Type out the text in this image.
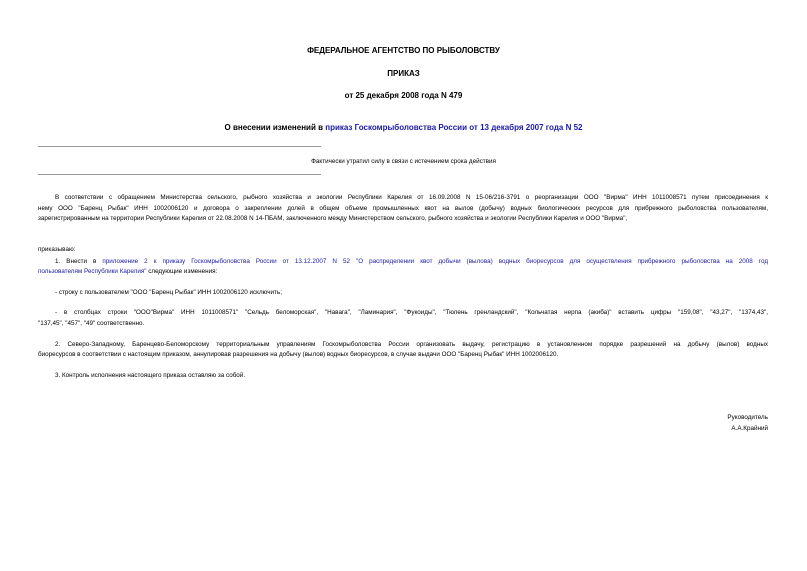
ФЕДЕРАЛЬНОЕ АГЕНТСТВО ПО РЫБОЛОВСТВУ
ПРИКАЗ
от 25 декабря 2008 года N 479
О внесении изменений в приказ Госкомрыболовства России от 13 декабря 2007 года N 52
Фактически утратил силу в связи с истечением срока действия
В соответствии с обращением Министерства сельского, рыбного хозяйства и экологии Республики Карелия от 16.09.2008 N 15-06/216-3791 о реорганизации ООО "Вирма" ИНН 1011008571 путем присоединения к
нему ООО "Баренц Рыбак" ИНН 1002006120 и договора о закреплении долей в общем объеме промышленных квот на вылов (добычу) водных биологических ресурсов для прибрежного рыболовства пользователям,
зарегистрированным на территории Республики Карелия от 22.08.2008 N 14-ПБАМ, заключенного между Министерством сельского, рыбного хозяйства и экологии Республики Карелия и ООО "Вирма",
приказываю:
1. Внести в приложение 2 к приказу Госкомрыболовства России от 13.12.2007 N 52 "О распределении квот добычи (вылова) водных биоресурсов для осуществления прибрежного рыболовства на 2008 год
пользователям Республики Карелия" следующие изменения:
- строку с пользователем "ООО "Баренц Рыбак" ИНН 1002006120 исключить;
- в столбцах строки "ООО"Вирма" ИНН 1011008571" "Сельдь беломорская", "Навага", "Ламинария", "Фукоиды", "Тюлень гренландский", "Кольчатая нерпа (акиба)" вставить цифры "159,08", "43,27", "1374,43",
"137,45", "457", "49" соответственно.
2. Северо-Западному, Баренцево-Беломорскому территориальным управлениям Госкомрыболовства России организовать выдачу, регистрацию в установленном порядке разрешений на добычу (вылов) водных
биоресурсов в соответствии с настоящим приказом, аннулировав разрешения на добычу (вылов) водных биоресурсов, в случае выдачи ООО "Баренц Рыбак" ИНН 1002006120.
3. Контроль исполнения настоящего приказа оставляю за собой.
Руководитель
А.А.Крайний
